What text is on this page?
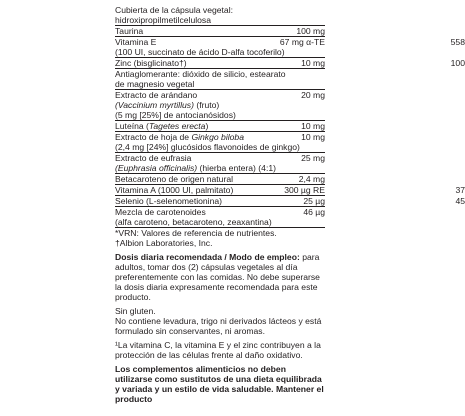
Cubierta de la cápsula vegetal:
hidroxipropilmetilcelulosa
Taurina	100 mg
Vitamina E	67 mg α-TE	558
(100 UI, succinato de ácido D-alfa tocoferilo)
Zinc (bisglicinato†)	10 mg	100
Antiaglomerante: dióxido de silicio, estearato
de magnesio vegetal
Extracto de arándano	20 mg
(Vaccinium myrtillus) (fruto)
(5 mg [25%] de antocianósidos)
Luteína (Tagetes erecta)	10 mg
Extracto de hoja de Ginkgo biloba	10 mg
(2,4 mg [24%] glucósidos flavonoides de ginkgo)
Extracto de eufrasia	25 mg
(Euphrasia officinalis) (hierba entera) (4:1)
Betacaroteno de origen natural	2,4 mg
Vitamina A (1000 UI, palmitato)	300 µg RE	37
Selenio (L-selenometionina)	25 µg	45
Mezcla de carotenoides	46 µg
(alfa caroteno, betacaroteno, zeaxantina)
*VRN: Valores de referencia de nutrientes.
†Albion Laboratories, Inc.
Dosis diaria recomendada / Modo de empleo: para adultos, tomar dos (2) cápsulas vegetales al día preferentemente con las comidas. No debe superarse la dosis diaria expresamente recomendada para este producto.
Sin gluten.
No contiene levadura, trigo ni derivados lácteos y está formulado sin conservantes, ni aromas.
¹La vitamina C, la vitamina E y el zinc contribuyen a la protección de las células frente al daño oxidativo.
Los complementos alimenticios no deben utilizarse como sustitutos de una dieta equilibrada y variada y un estilo de vida saludable. Mantener el producto
